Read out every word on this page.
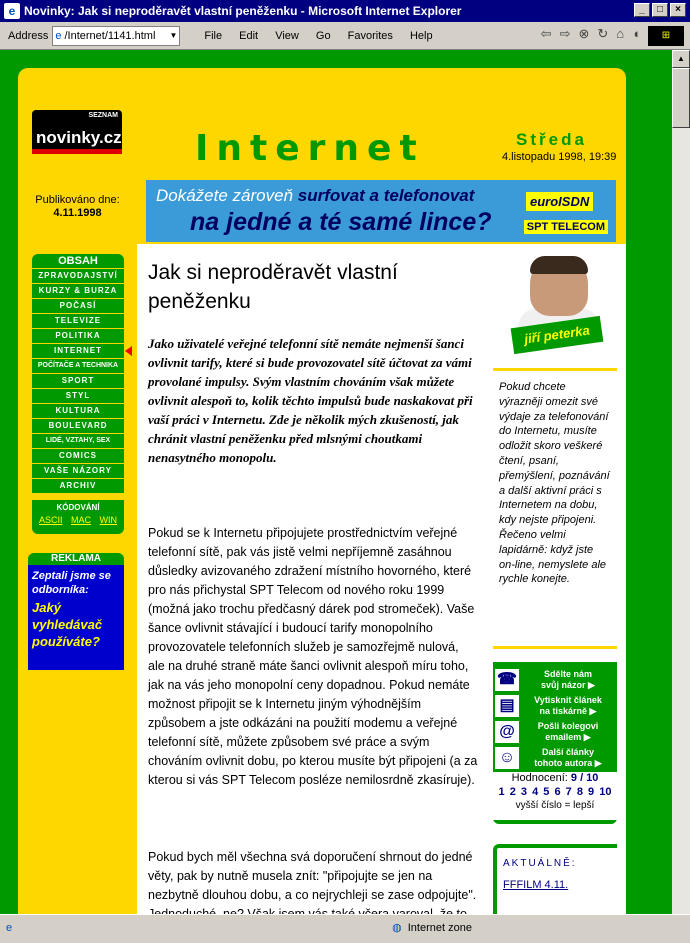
e Novinky: Jak si neproděravět vlastní peněženku - Microsoft Internet Explorer	_	□	×
Address e /Internet/1141.html ▼	File Edit View Go Favorites Help	⇦ ⇨ ⊗ ↻ ⌂ ◖	⊞
SEZNAM
novinky.cz Internet	Středa
4.listopadu 1998, 19:39
Publikováno dne:
4.11.1998
Dokážete zároveň surfovat a telefonovat
na jedné a té samé lince?
euroISDN
SPT TELECOM
OBSAH
ZPRAVODAJSTVÍ
KURZY & BURZA
POČASÍ
TELEVIZE
POLITIKA
INTERNET
POČÍTAČE A TECHNIKA
SPORT
STYL
KULTURA
BOULEVARD
LIDÉ, VZTAHY, SEX
COMICS
VAŠE NÁZORY
ARCHIV
KÓDOVÁNÍ
ASCII MAC WIN
REKLAMA
Zeptali jsme se odborníka:
Jaký vyhledávač používáte?
Jak si neproděravět vlastní peněženku

Jako uživatelé veřejné telefonní sítě nemáte nejmenší šanci ovlivnit tarify, které si bude provozovatel sítě účtovat za vámi provolané impulsy. Svým vlastním chováním však můžete ovlivnit alespoň to, kolik těchto impulsů bude naskakovat při vaší práci v Internetu. Zde je několik mých zkušeností, jak chránit vlastní peněženku před mlsnými choutkami nenasytného monopolu.

Pokud se k Internetu připojujete prostřednictvím veřejné telefonní sítě, pak vás jistě velmi nepříjemně zasáhnou důsledky avizovaného zdražení místního hovorného, které pro nás přichystal SPT Telecom od nového roku 1999 (možná jako trochu předčasný dárek pod stromeček). Vaše šance ovlivnit stávající i budoucí tarify monopolního provozovatele telefonních služeb je samozřejmě nulová, ale na druhé straně máte šanci ovlivnit alespoň míru toho, jak na vás jeho monopolní ceny dopadnou. Pokud nemáte možnost připojit se k Internetu jiným výhodnějším způsobem a jste odkázáni na použití modemu a veřejné telefonní sítě, můžete způsobem své práce a svým chováním ovlivnit dobu, po kterou musíte být připojeni (a za kterou si vás SPT Telecom posléze nemilosrdně zkasíruje).

Pokud bych měl všechna svá doporučení shrnout do jedné věty, pak by nutně musela znít: "připojujte se jen na nezbytně dlouhou dobu, a co nejrychleji se zase odpojujte".

jiří peterka

Pokud chcete výrazněji omezit své výdaje za telefonování do Internetu, musíte odložit skoro veškeré čtení, psaní, přemýšlení, poznávání a další aktivní práci s Internetem na dobu, kdy nejste připojeni. Řečeno velmi lapidárně: když jste on-line, nemyslete ale rychle konejte.

☎	Sdělte nám
svůj názor ▶
▤	Vytisknit článek
na tiskárně ▶
@	Pošli kolegovi
emailem ▶
☺	Další články
tohoto autora ▶
Hodnocení: 9 / 10
1 2 3 4 5 6 7 8 9 10
vyšší číslo = lepší
AKTUÁLNĚ:
FFFILM 4.11.
▲
e	◍ Internet zone
